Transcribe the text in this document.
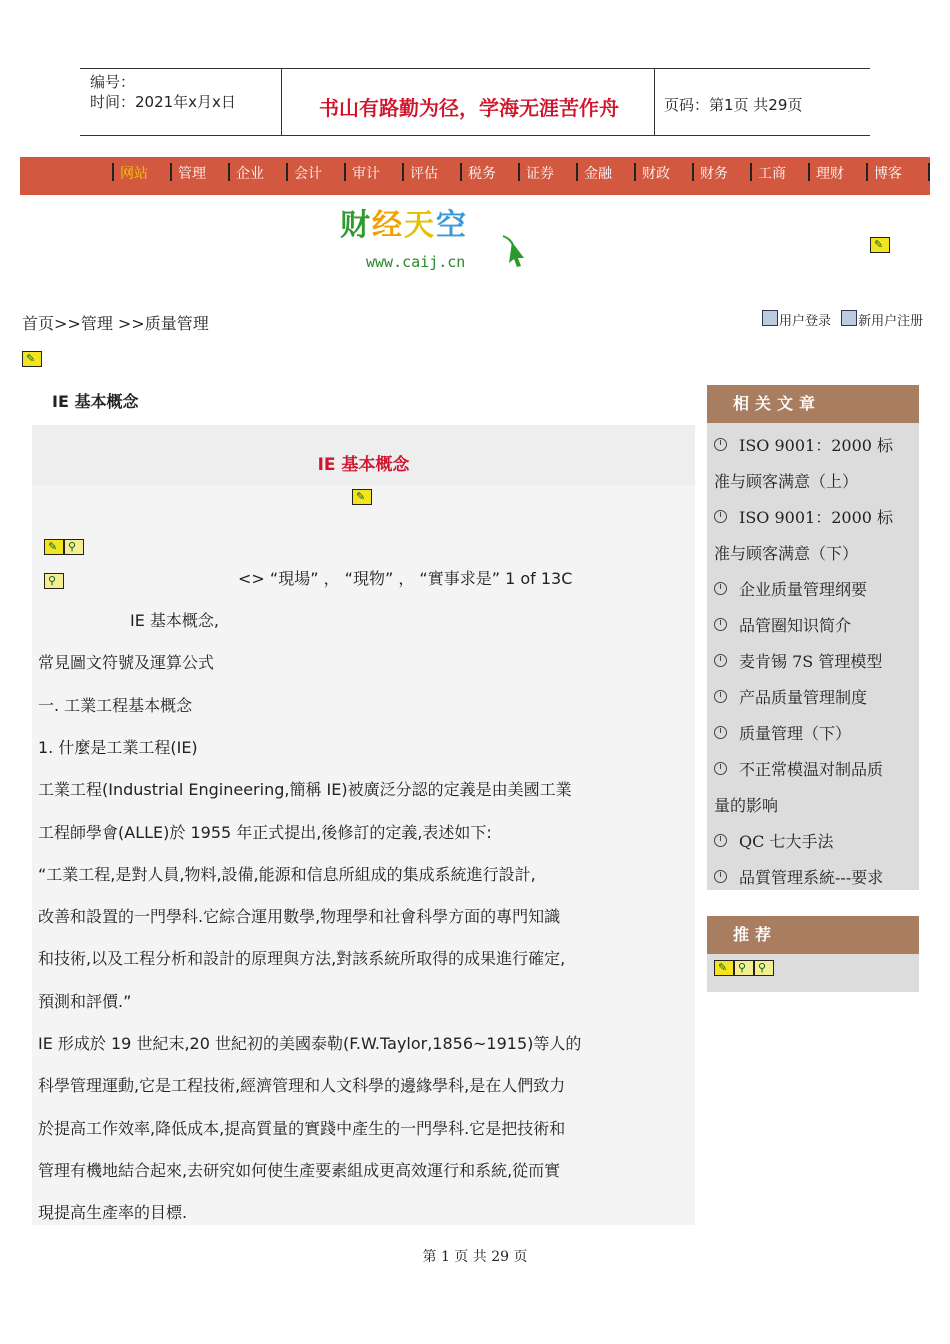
编号：
时间：2021年x月x日	书山有路勤为径，学海无涯苦作舟	页码：第1页 共29页
网站	管理	企业	会计	审计	评估	税务	证券	金融	财政	财务	工商	理财	博客
财经天空
www.caij.cn
✎
首页>>管理 >>质量管理	用户登录 新用户注册
✎
IE 基本概念
IE 基本概念
✎
✎ ⚲
⚲	<> “現場” ， “現物” ， “實事求是” 1 of 13C
IE 基本概念,
常見圖文符號及運算公式
一. 工業工程基本概念
1. 什麼是工業工程(IE)
工業工程(Industrial Engineering,簡稱 IE)被廣泛分認的定義是由美國工業
工程師學會(ALLE)於 1955 年正式提出,後修訂的定義,表述如下:
“工業工程,是對人員,物料,設備,能源和信息所組成的集成系統進行設計,
改善和設置的一門學科.它綜合運用數學,物理學和社會科學方面的專門知識
和技術,以及工程分析和設計的原理與方法,對該系統所取得的成果進行確定,
預測和評價.”
IE 形成於 19 世紀末,20 世紀初的美國泰勒(F.W.Taylor,1856~1915)等人的
科學管理運動,它是工程技術,經濟管理和人文科學的邊緣學科,是在人們致力
於提高工作效率,降低成本,提高質量的實踐中產生的一門學科.它是把技術和
管理有機地結合起來,去研究如何使生產要素組成更高效運行和系統,從而實
現提高生產率的目標.
相关文章
ISO 9001：2000 标
准与顾客满意（上）
ISO 9001：2000 标
准与顾客满意（下）
企业质量管理纲要
品管圈知识简介
麦肯锡 7S 管理模型
产品质量管理制度
质量管理（下）
不正常模温对制品质
量的影响
QC 七大手法
品質管理系統---要求
推荐
✎ ⚲ ⚲
第 1 页 共 29 页
